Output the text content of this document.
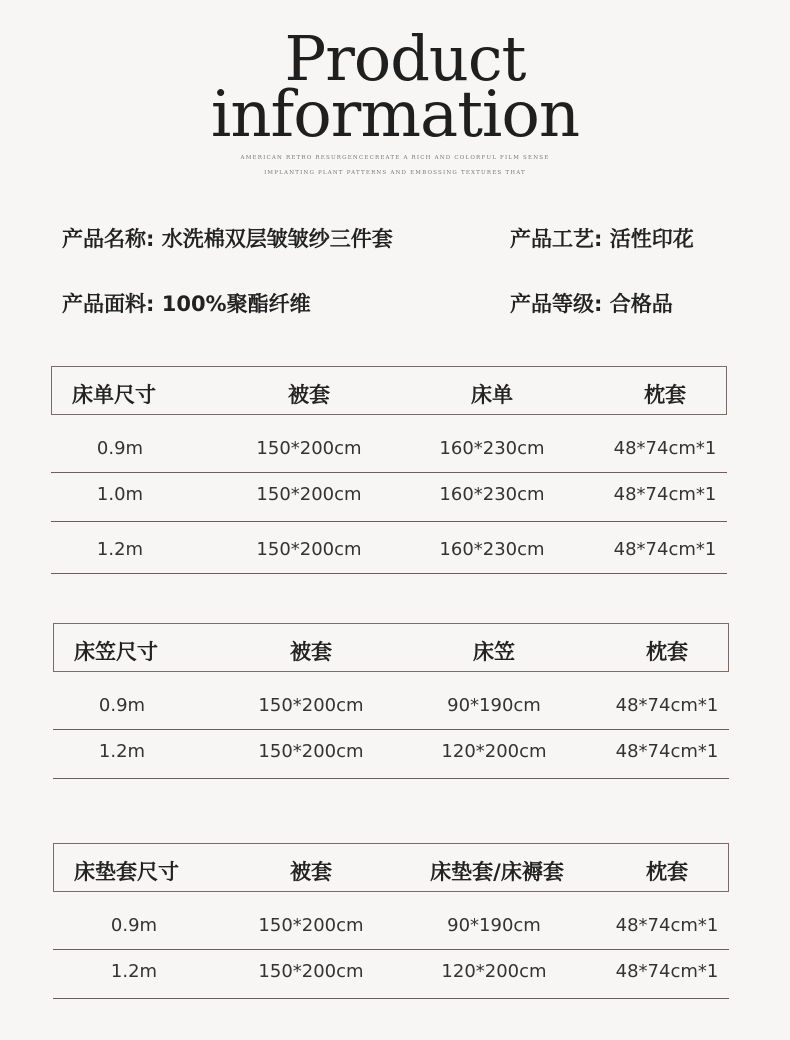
Product
information
AMERICAN RETRO RESURGENCECREATE A RICH AND COLORFUL FILM SENSE
IMPLANTING PLANT PATTERNS AND EMBOSSING TEXTURES THAT
产品名称: 水洗棉双层皱皱纱三件套	产品工艺: 活性印花
产品面料: 100%聚酯纤维	产品等级: 合格品
床单尺寸	被套	床单	枕套
0.9m	150*200cm	160*230cm	48*74cm*1
1.0m	150*200cm	160*230cm	48*74cm*1
1.2m	150*200cm	160*230cm	48*74cm*1
床笠尺寸	被套	床笠	枕套
0.9m	150*200cm	90*190cm	48*74cm*1
1.2m	150*200cm	120*200cm	48*74cm*1
床垫套尺寸	被套	床垫套/床褥套	枕套
0.9m	150*200cm	90*190cm	48*74cm*1
1.2m	150*200cm	120*200cm	48*74cm*1
